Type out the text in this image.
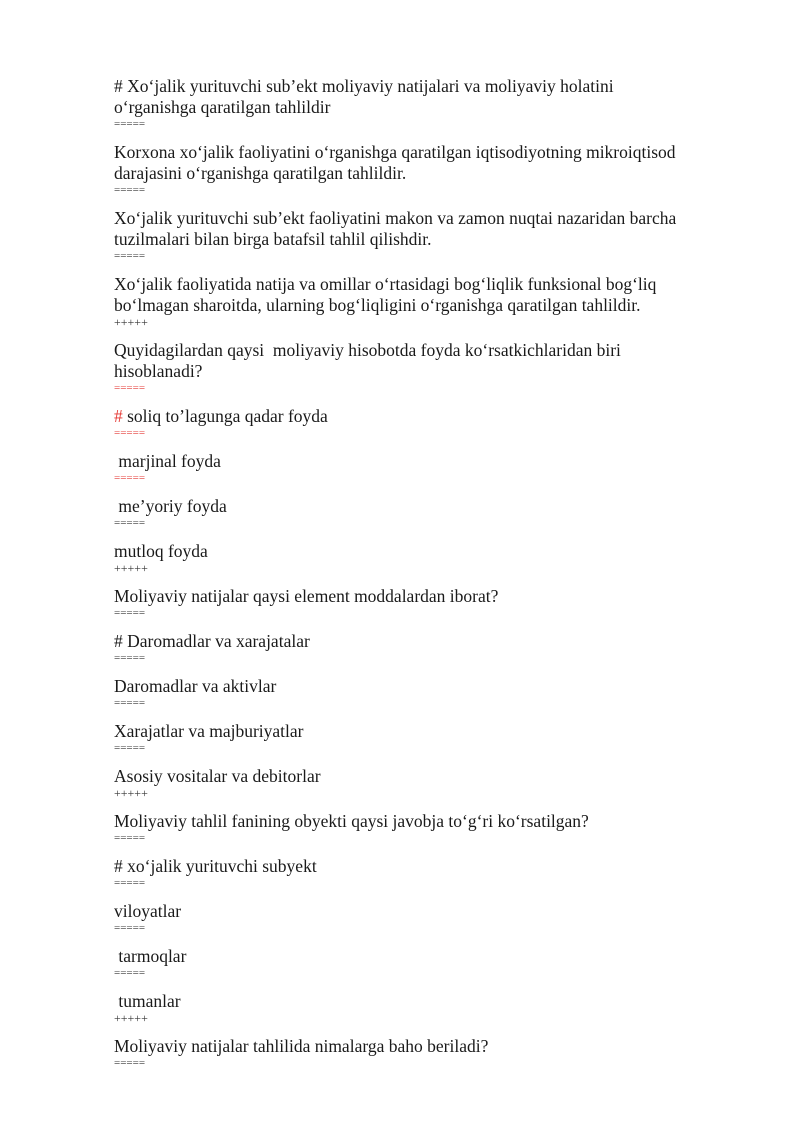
# Xo‘jalik yurituvchi sub’ekt moliyaviy natijalari va moliyaviy holatini
o‘rganishga qaratilgan tahlildir
=====
Korxona xo‘jalik faoliyatini o‘rganishga qaratilgan iqtisodiyotning mikroiqtisod
darajasini o‘rganishga qaratilgan tahlildir.
=====
Xo‘jalik yurituvchi sub’ekt faoliyatini makon va zamon nuqtai nazaridan barcha
tuzilmalari bilan birga batafsil tahlil qilishdir.
=====
Xo‘jalik faoliyatida natija va omillar o‘rtasidagi bog‘liqlik funksional bog‘liq
bo‘lmagan sharoitda, ularning bog‘liqligini o‘rganishga qaratilgan tahlildir.
+++++
Quyidagilardan qaysi  moliyaviy hisobotda foyda ko‘rsatkichlaridan biri
hisoblanadi?
=====
# soliq to’lagunga qadar foyda
=====
marjinal foyda
=====
me’yoriy foyda
=====
mutloq foyda
+++++
Moliyaviy natijalar qaysi element moddalardan iborat?
=====
# Daromadlar va xarajatalar
=====
Daromadlar va aktivlar
=====
Xarajatlar va majburiyatlar
=====
Asosiy vositalar va debitorlar
+++++
Moliyaviy tahlil fanining obyekti qaysi javobja to‘g‘ri ko‘rsatilgan?
=====
# xo‘jalik yurituvchi subyekt
=====
viloyatlar
=====
tarmoqlar
=====
tumanlar
+++++
Moliyaviy natijalar tahlilida nimalarga baho beriladi?
=====
